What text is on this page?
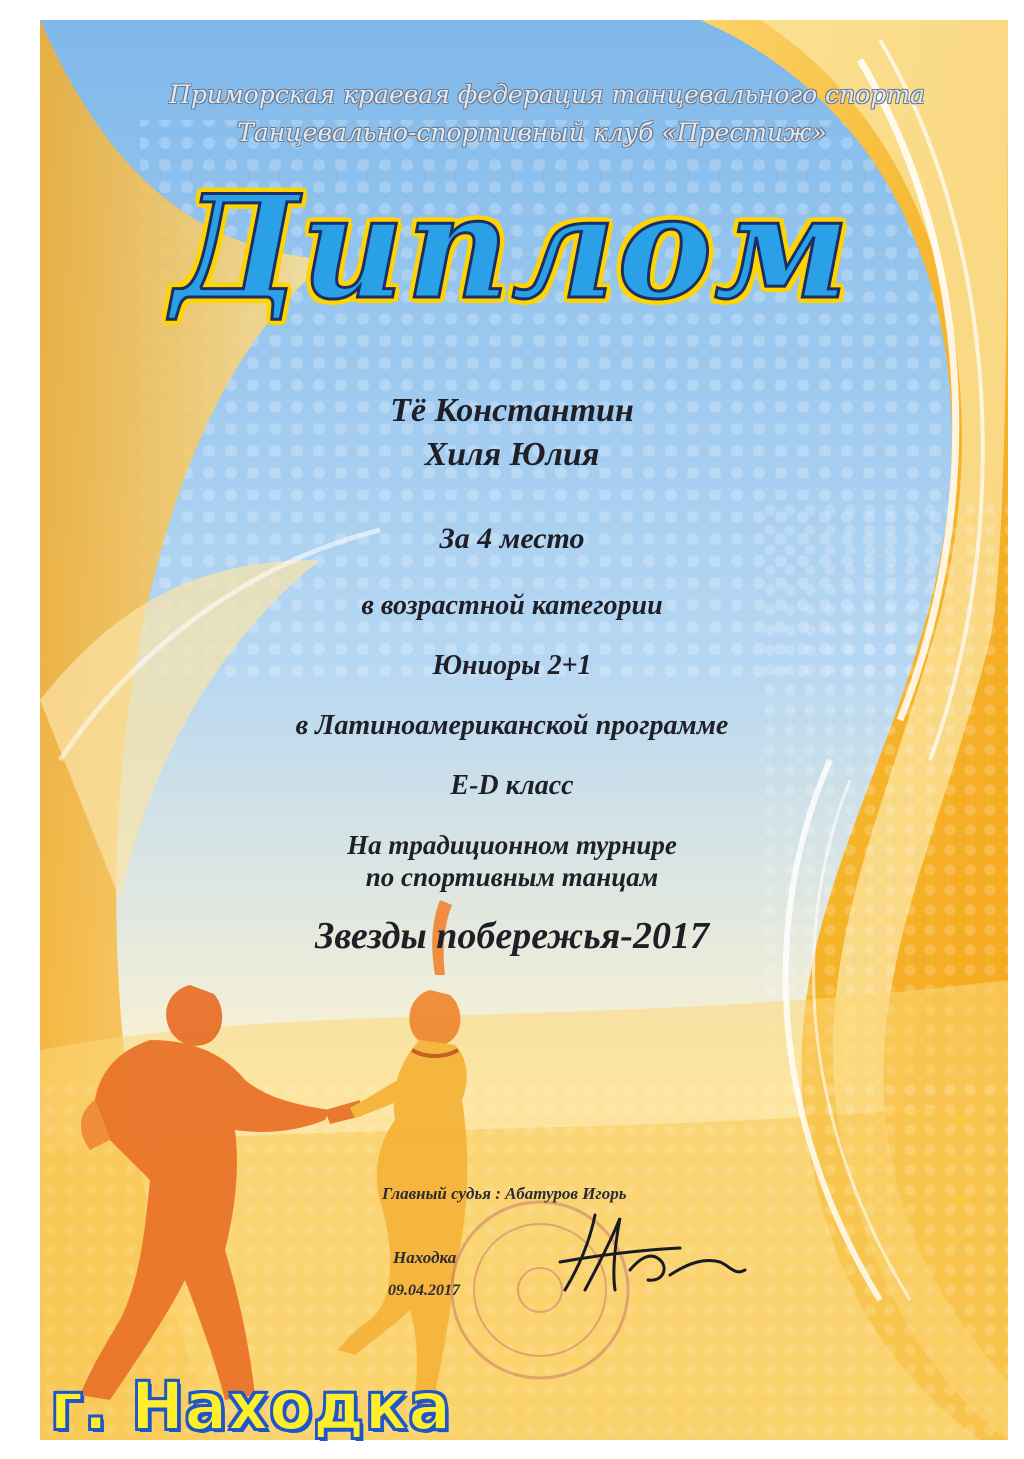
Приморская краевая федерация танцевального спорта
Танцевально-спортивный клуб «Престиж»
Диплом
Тё Константин
Хиля Юлия
За 4 место
в возрастной категории
Юниоры 2+1
в Латиноамериканской программе
E-D класс
На традиционном турнире
по спортивным танцам
Звезды побережья-2017
Главный судья : Абатуров Игорь
Находка
09.04.2017
г. Находка
